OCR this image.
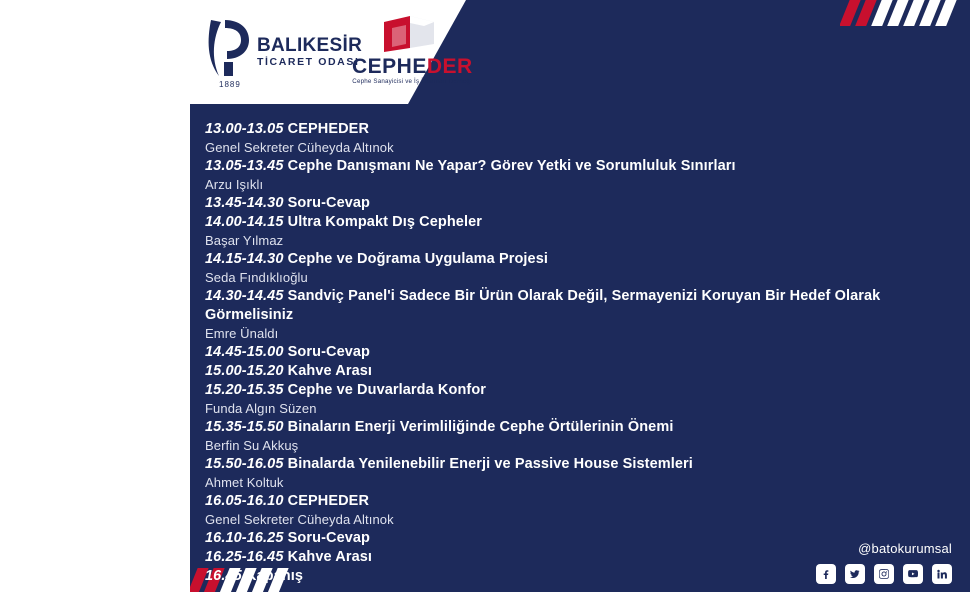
BALIKESİR
TİCARET ODASI
1889
CEPHEDER
Cephe Sanayicisi ve İş İnsanları Derneği
13.00-13.05 CEPHEDER
Genel Sekreter Cüheyda Altınok
13.05-13.45 Cephe Danışmanı Ne Yapar? Görev Yetki ve Sorumluluk Sınırları
Arzu Işıklı
13.45-14.30 Soru-Cevap
14.00-14.15 Ultra Kompakt Dış Cepheler
Başar Yılmaz
14.15-14.30 Cephe ve Doğrama Uygulama Projesi
Seda Fındıklıoğlu
14.30-14.45 Sandviç Panel'i Sadece Bir Ürün Olarak Değil, Sermayenizi Koruyan Bir Hedef Olarak Görmelisiniz
Emre Ünaldı
14.45-15.00 Soru-Cevap
15.00-15.20 Kahve Arası
15.20-15.35 Cephe ve Duvarlarda Konfor
Funda Algın Süzen
15.35-15.50 Binaların Enerji Verimliliğinde Cephe Örtülerinin Önemi
Berfin Su Akkuş
15.50-16.05 Binalarda Yenilenebilir Enerji ve Passive House Sistemleri
Ahmet Koltuk
16.05-16.10 CEPHEDER
Genel Sekreter Cüheyda Altınok
16.10-16.25 Soru-Cevap
16.25-16.45 Kahve Arası
16.45 Kapanış
@batokurumsal
